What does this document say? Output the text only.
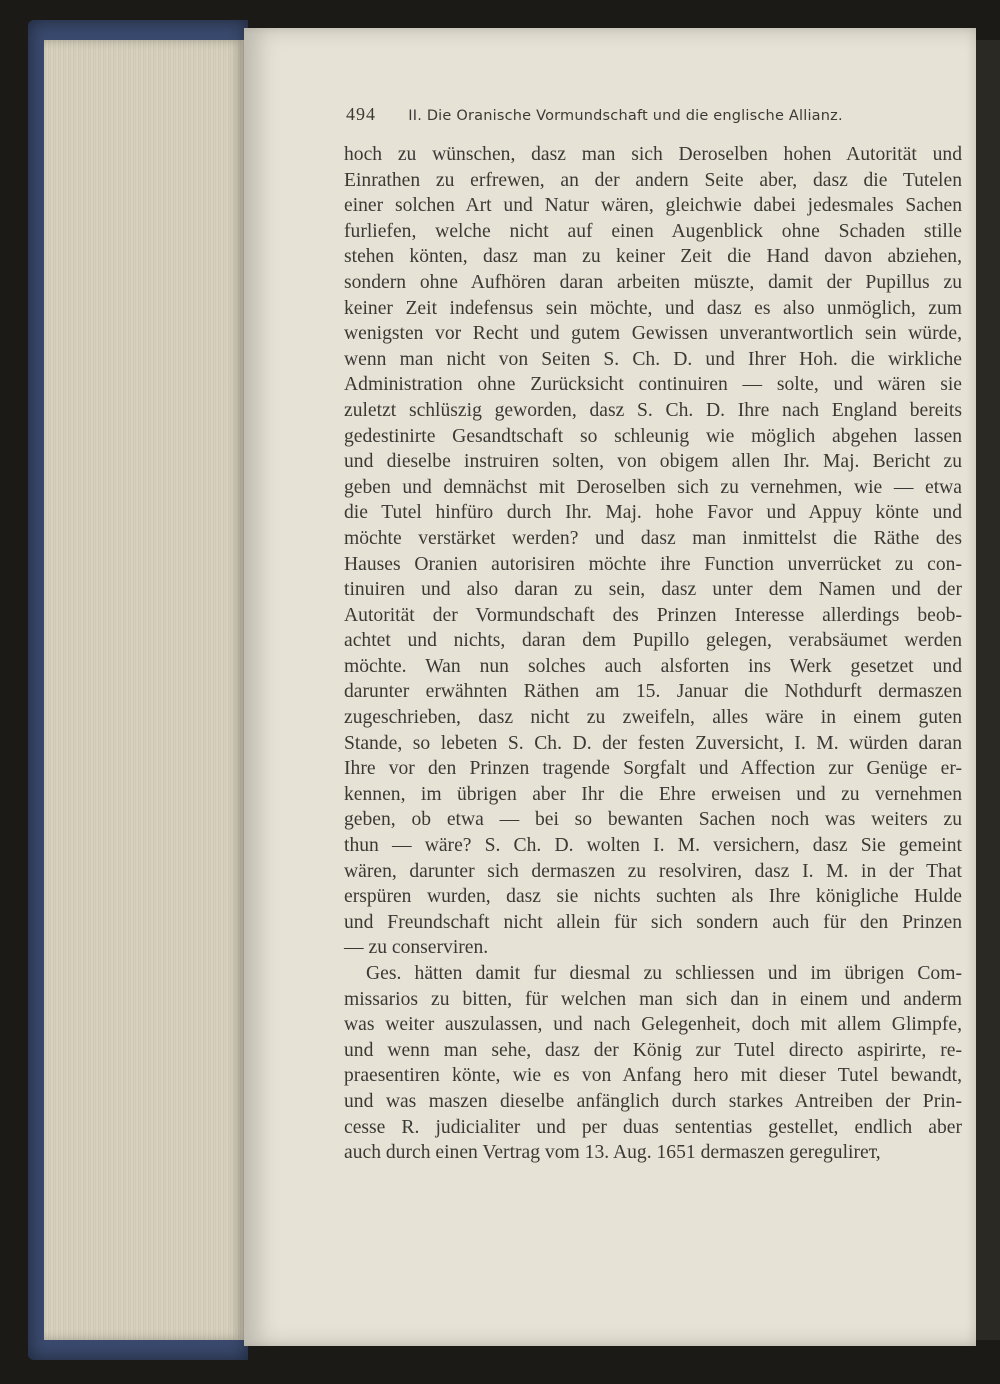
494 II. Die Oranische Vormundschaft und die englische Allianz.

hoch zu wünschen, dasz man sich Deroselben hohen Autorität und
Einrathen zu erfrewen, an der andern Seite aber, dasz die Tutelen
einer solchen Art und Natur wären, gleichwie dabei jedesmales Sachen
furliefen, welche nicht auf einen Augenblick ohne Schaden stille
stehen könten, dasz man zu keiner Zeit die Hand davon abziehen,
sondern ohne Aufhören daran arbeiten müszte, damit der Pupillus zu
keiner Zeit indefensus sein möchte, und dasz es also unmöglich, zum
wenigsten vor Recht und gutem Gewissen unverantwortlich sein würde,
wenn man nicht von Seiten S. Ch. D. und Ihrer Hoh. die wirkliche
Administration ohne Zurücksicht continuiren — solte, und wären sie
zuletzt schlüszig geworden, dasz S. Ch. D. Ihre nach England bereits
gedestinirte Gesandtschaft so schleunig wie möglich abgehen lassen
und dieselbe instruiren solten, von obigem allen Ihr. Maj. Bericht zu
geben und demnächst mit Deroselben sich zu vernehmen, wie — etwa
die Tutel hinfüro durch Ihr. Maj. hohe Favor und Appuy könte und
möchte verstärket werden? und dasz man inmittelst die Räthe des
Hauses Oranien autorisiren möchte ihre Function unverrücket zu con-
tinuiren und also daran zu sein, dasz unter dem Namen und der
Autorität der Vormundschaft des Prinzen Interesse allerdings beob-
achtet und nichts, daran dem Pupillo gelegen, verabsäumet werden
möchte. Wan nun solches auch alsforten ins Werk gesetzet und
darunter erwähnten Räthen am 15. Januar die Nothdurft dermaszen
zugeschrieben, dasz nicht zu zweifeln, alles wäre in einem guten
Stande, so lebeten S. Ch. D. der festen Zuversicht, I. M. würden daran
Ihre vor den Prinzen tragende Sorgfalt und Affection zur Genüge er-
kennen, im übrigen aber Ihr die Ehre erweisen und zu vernehmen
geben, ob etwa — bei so bewanten Sachen noch was weiters zu
thun — wäre? S. Ch. D. wolten I. M. versichern, dasz Sie gemeint
wären, darunter sich dermaszen zu resolviren, dasz I. M. in der That
erspüren wurden, dasz sie nichts suchten als Ihre königliche Hulde
und Freundschaft nicht allein für sich sondern auch für den Prinzen
— zu conserviren.

Ges. hätten damit fur diesmal zu schliessen und im übrigen Com-
missarios zu bitten, für welchen man sich dan in einem und anderm
was weiter auszulassen, und nach Gelegenheit, doch mit allem Glimpfe,
und wenn man sehe, dasz der König zur Tutel directo aspirirte, re-
praesentiren könte, wie es von Anfang hero mit dieser Tutel bewandt,
und was maszen dieselbe anfänglich durch starkes Antreiben der Prin-
cesse R. judicialiter und per duas sententias gestellet, endlich aber
auch durch einen Vertrag vom 13. Aug. 1651 dermaszen geregulirет,
